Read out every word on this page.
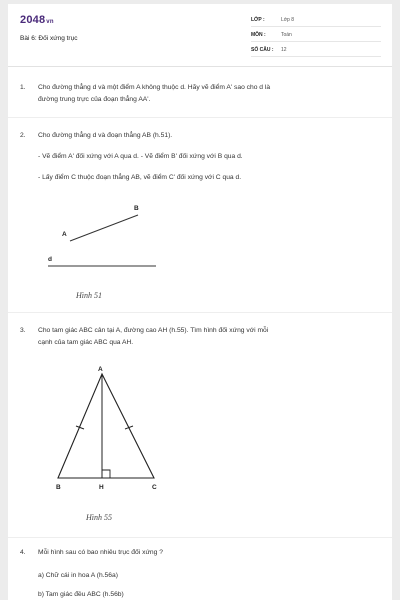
2048vn
Bài 6: Đối xứng trục
LỚP :	Lớp 8
MÔN :	Toán
SỐ CÂU : 12
1. Cho đường thẳng d và một điểm A không thuộc d. Hãy vẽ điểm A' sao cho d là
đường trung trực của đoạn thẳng AA'.
2. Cho đường thẳng d và đoạn thẳng AB (h.51).
- Vẽ điểm A' đối xứng với A qua d. - Vẽ điểm B' đối xứng với B qua d.
- Lấy điểm C thuộc đoạn thẳng AB, vẽ điểm C' đối xứng với C qua d.
A
B
d
Hình 51
3. Cho tam giác ABC cân tại A, đường cao AH (h.55). Tìm hình đối xứng với mỗi
cạnh của tam giác ABC qua AH.
A
B	H	C
Hình 55
4. Mỗi hình sau có bao nhiêu trục đối xứng ?
a) Chữ cái in hoa A (h.56a)
b) Tam giác đều ABC (h.56b)
